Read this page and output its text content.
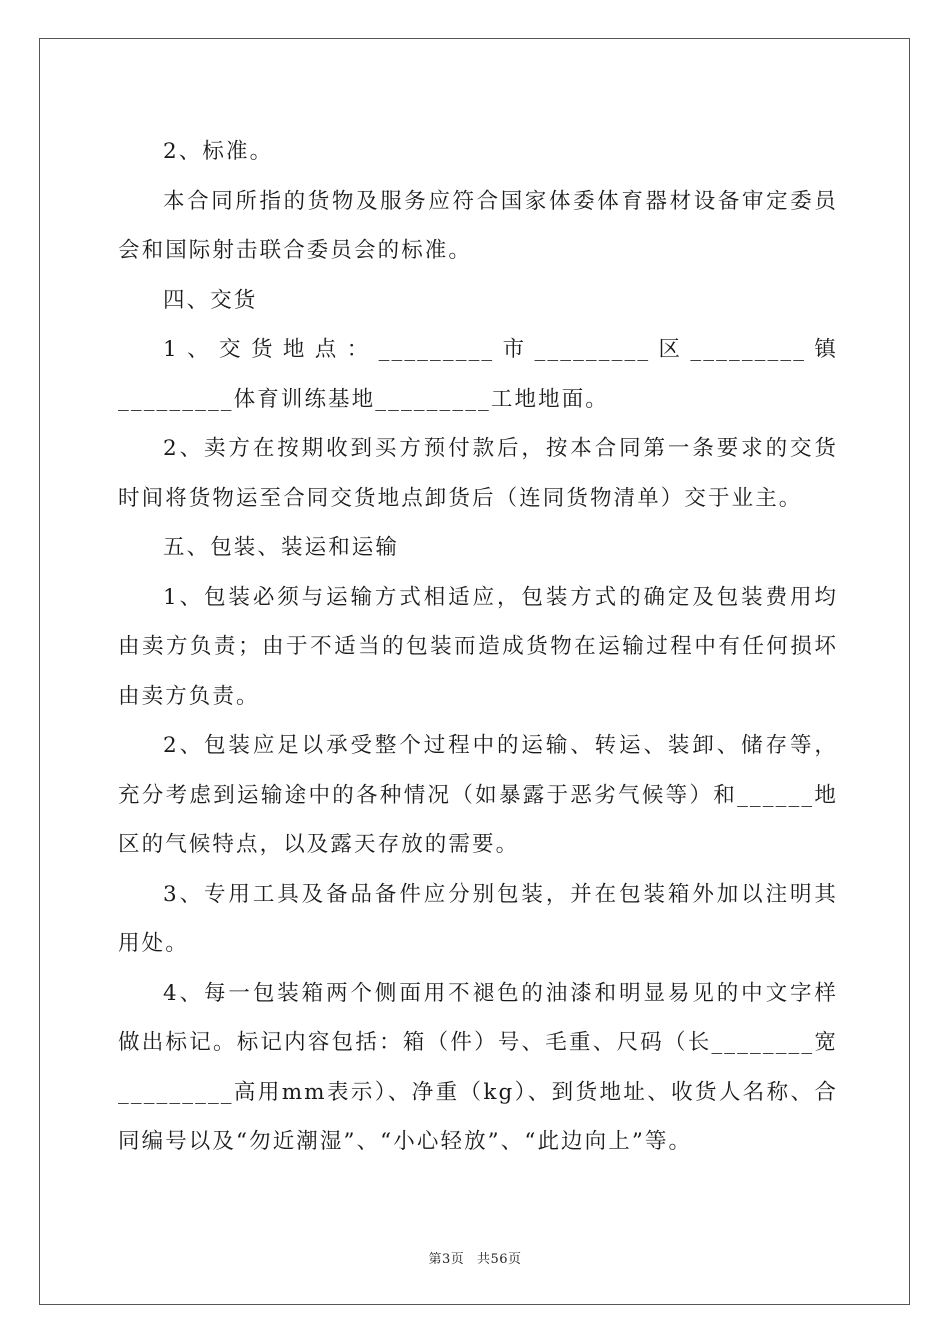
2、标准。

本合同所指的货物及服务应符合国家体委体育器材设备审定委员会和国际射击联合委员会的标准。

四、交货

1、交货地点：_________市_________区_________镇_________体育训练基地_________工地地面。

2、卖方在按期收到买方预付款后，按本合同第一条要求的交货时间将货物运至合同交货地点卸货后（连同货物清单）交于业主。

五、包装、装运和运输

1、包装必须与运输方式相适应，包装方式的确定及包装费用均由卖方负责；由于不适当的包装而造成货物在运输过程中有任何损坏由卖方负责。

2、包装应足以承受整个过程中的运输、转运、装卸、储存等，充分考虑到运输途中的各种情况（如暴露于恶劣气候等）和______地区的气候特点，以及露天存放的需要。

3、专用工具及备品备件应分别包装，并在包装箱外加以注明其用处。

4、每一包装箱两个侧面用不褪色的油漆和明显易见的中文字样做出标记。标记内容包括：箱（件）号、毛重、尺码（长________宽_________高用mm表示）、净重（kg）、到货地址、收货人名称、合同编号以及“勿近潮湿”、“小心轻放”、“此边向上”等。

第3页 共56页
